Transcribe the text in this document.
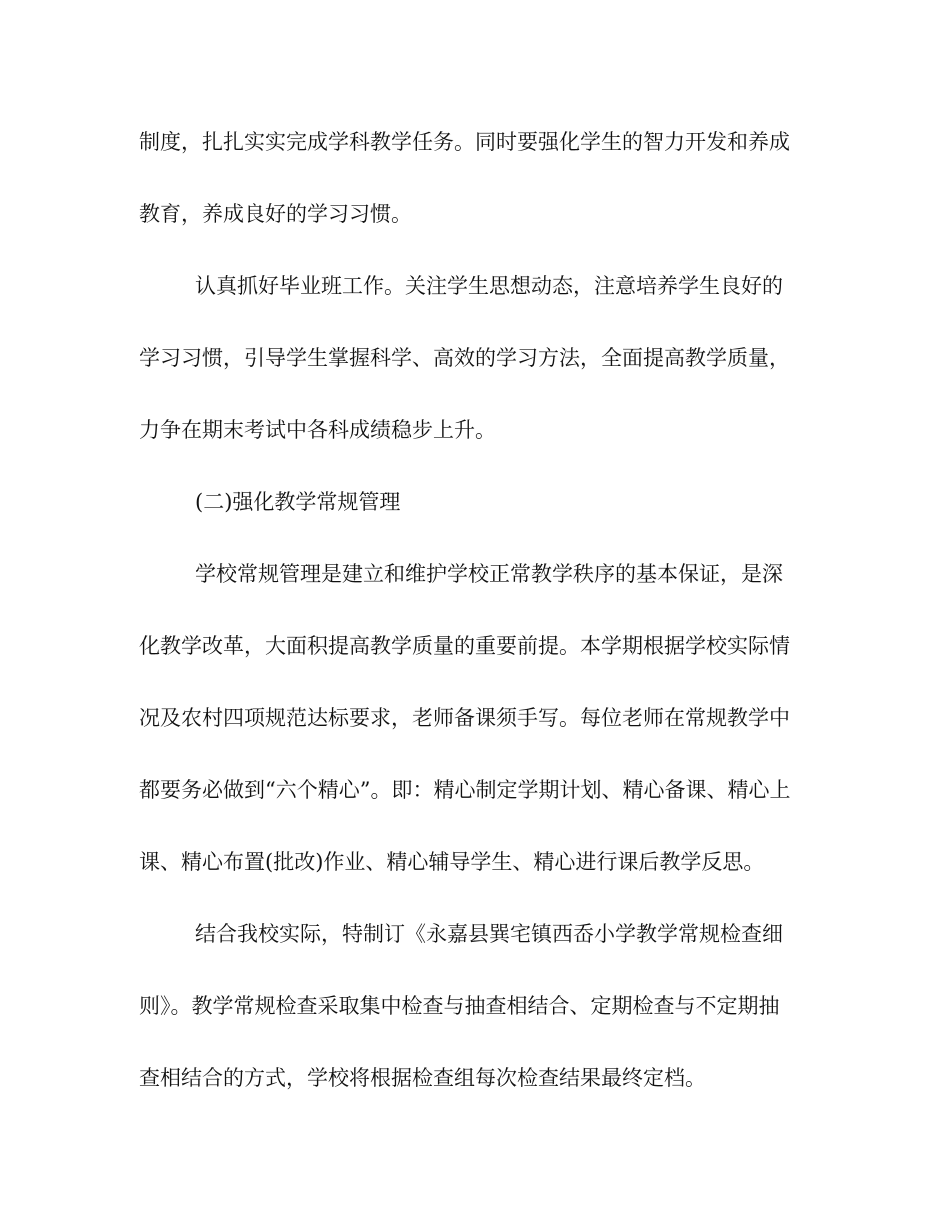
制度，扎扎实实完成学科教学任务。同时要强化学生的智力开发和养成
教育，养成良好的学习习惯。
认真抓好毕业班工作。关注学生思想动态，注意培养学生良好的
学习习惯，引导学生掌握科学、高效的学习方法，全面提高教学质量，
力争在期末考试中各科成绩稳步上升。
(二)强化教学常规管理
学校常规管理是建立和维护学校正常教学秩序的基本保证，是深
化教学改革，大面积提高教学质量的重要前提。本学期根据学校实际情
况及农村四项规范达标要求，老师备课须手写。每位老师在常规教学中
都要务必做到“六个精心”。即：精心制定学期计划、精心备课、精心上
课、精心布置(批改)作业、精心辅导学生、精心进行课后教学反思。
结合我校实际，特制订《永嘉县巽宅镇西岙小学教学常规检查细
则》。教学常规检查采取集中检查与抽查相结合、定期检查与不定期抽
查相结合的方式，学校将根据检查组每次检查结果最终定档。
